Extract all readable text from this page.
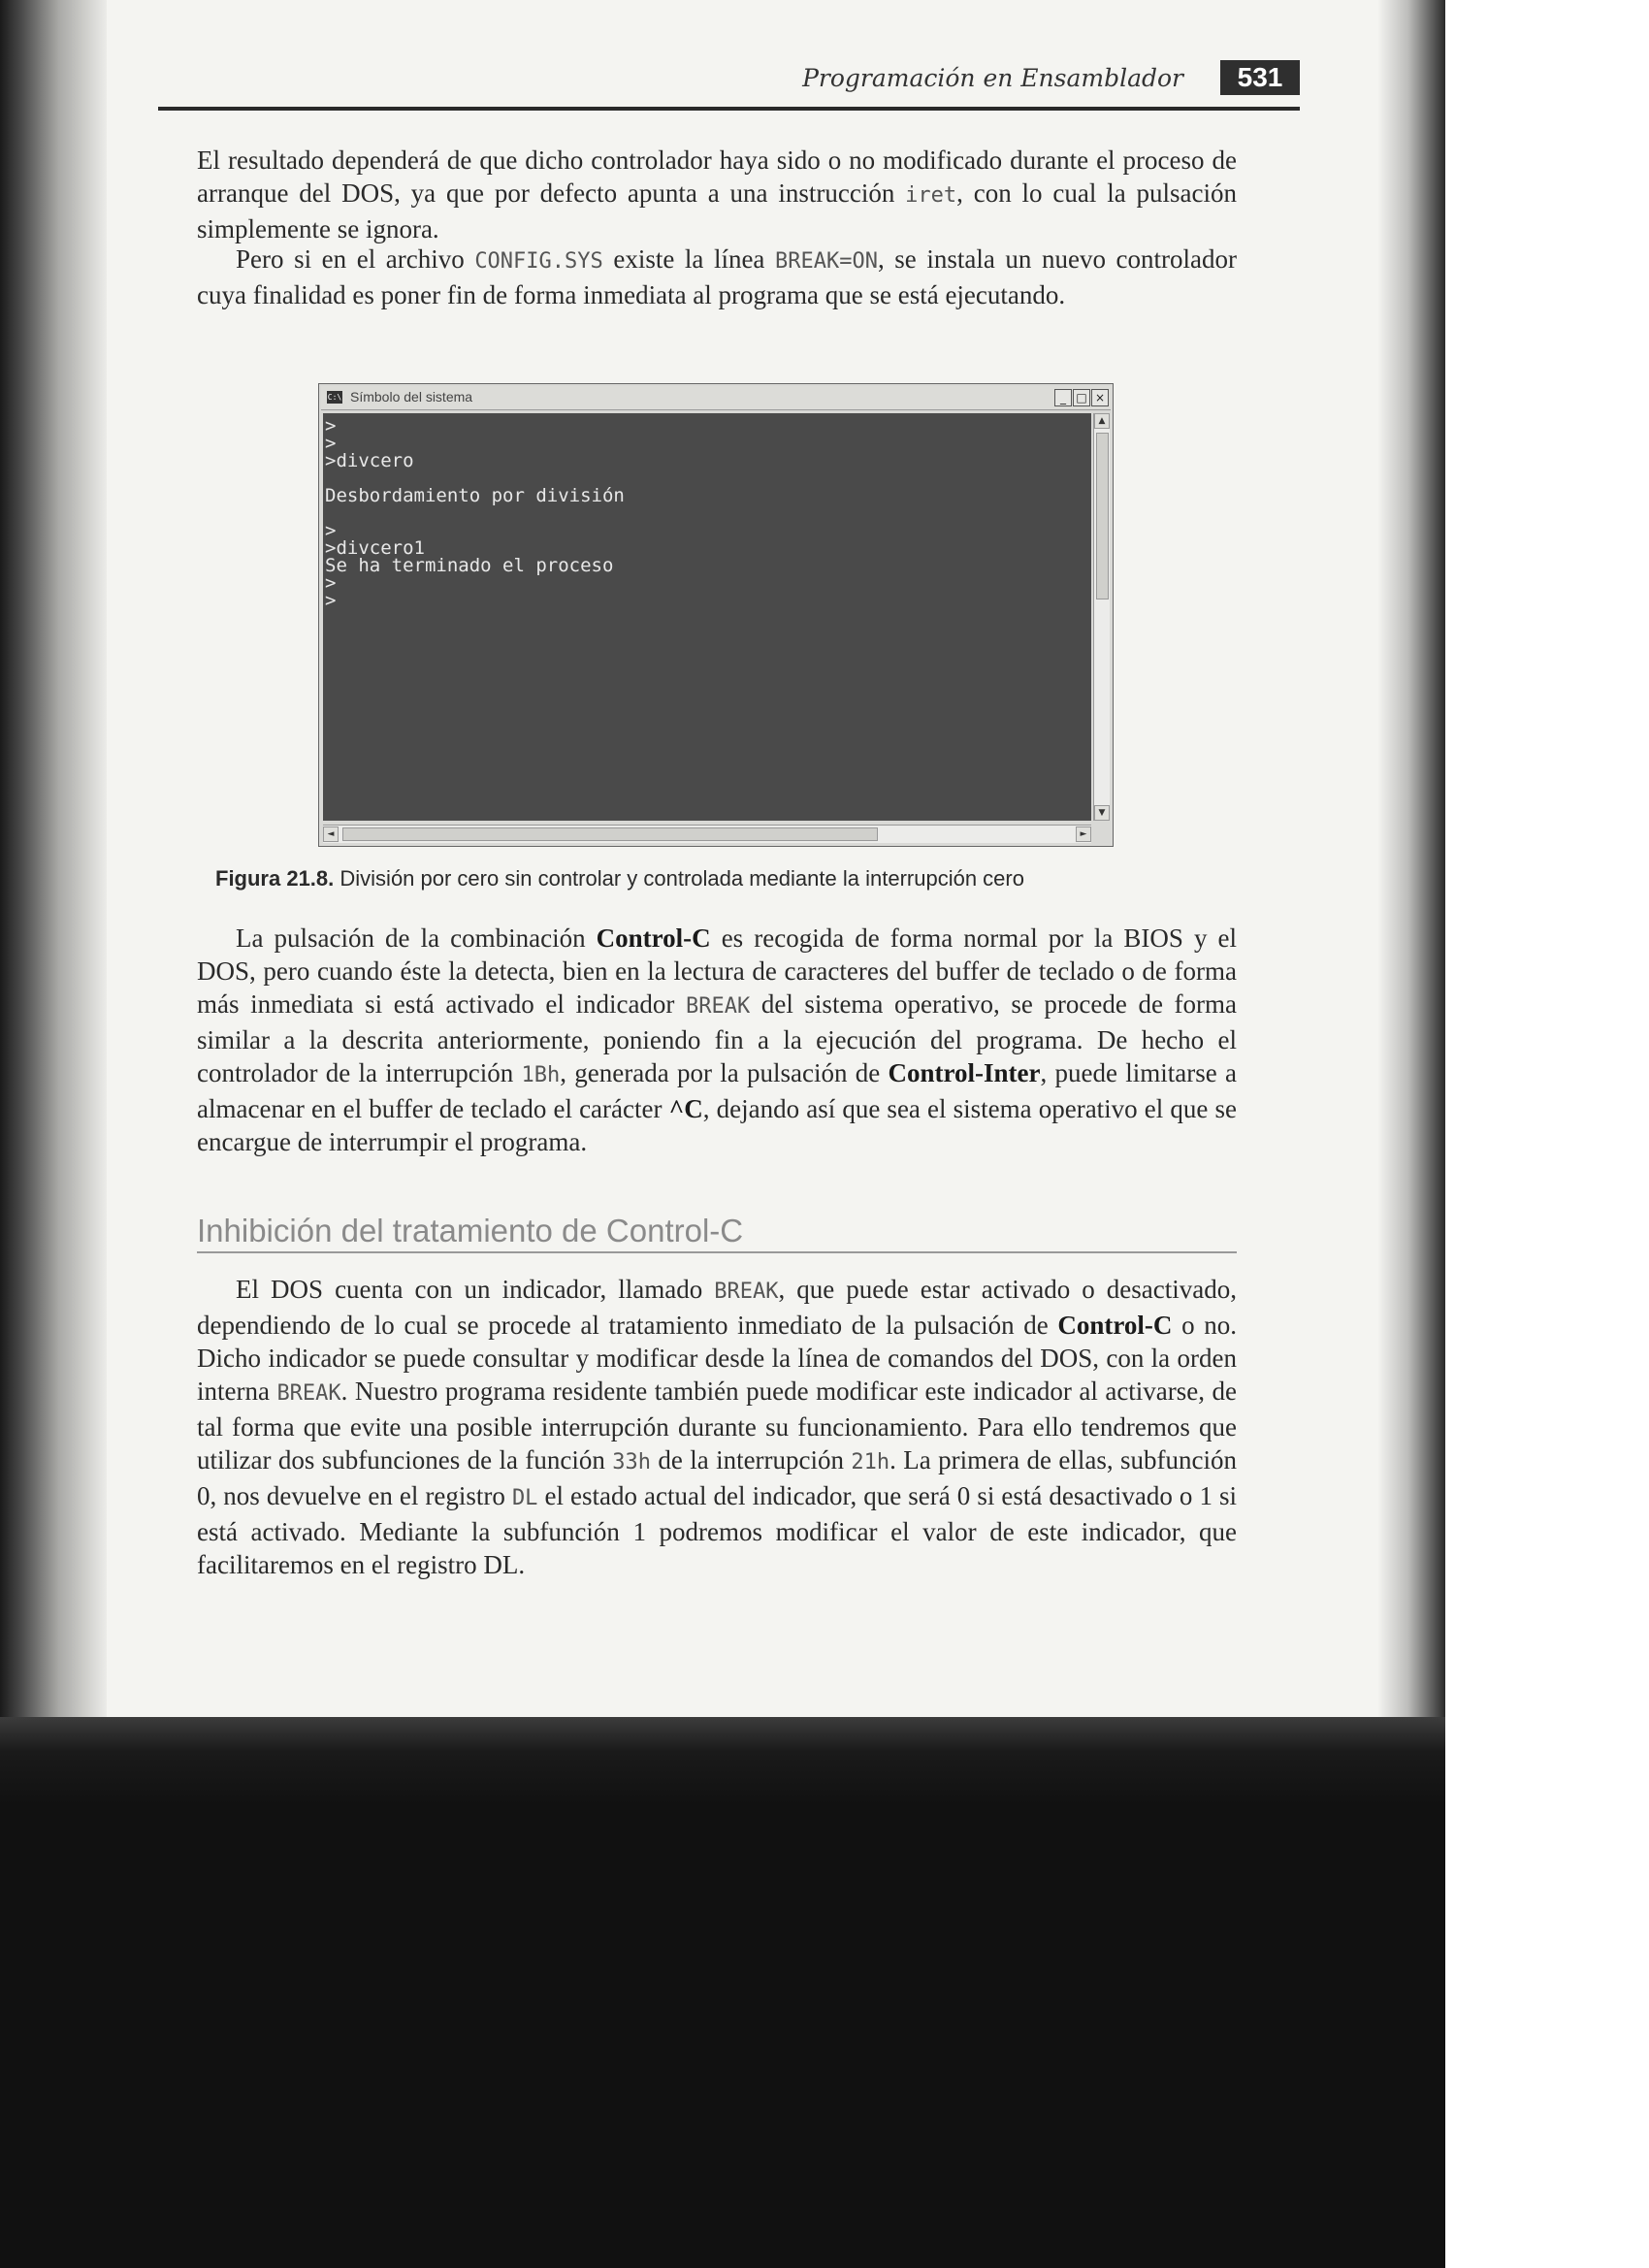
Programación en Ensamblador	531

El resultado dependerá de que dicho controlador haya sido o no modificado durante el proceso de arranque del DOS, ya que por defecto apunta a una instrucción iret, con lo cual la pulsación simplemente se ignora.

Pero si en el archivo CONFIG.SYS existe la línea BREAK=ON, se instala un nuevo controlador cuya finalidad es poner fin de forma inmediata al programa que se está ejecutando.

C:\ Símbolo del sistema	_ □ ×
>
>
>divcero
Desbordamiento por división
>
>divcero1
Se ha terminado el proceso
>
>
▲
▼
◄	►
Figura 21.8. División por cero sin controlar y controlada mediante la interrupción cero

La pulsación de la combinación Control-C es recogida de forma normal por la BIOS y el DOS, pero cuando éste la detecta, bien en la lectura de caracteres del buffer de teclado o de forma más inmediata si está activado el indicador BREAK del sistema operativo, se procede de forma similar a la descrita anteriormente, poniendo fin a la ejecución del programa. De hecho el controlador de la interrupción 1Bh, generada por la pulsación de Control-Inter, puede limitarse a almacenar en el buffer de teclado el carácter ^C, dejando así que sea el sistema operativo el que se encargue de interrumpir el programa.

Inhibición del tratamiento de Control-C

El DOS cuenta con un indicador, llamado BREAK, que puede estar activado o desactivado, dependiendo de lo cual se procede al tratamiento inmediato de la pulsación de Control-C o no. Dicho indicador se puede consultar y modificar desde la línea de comandos del DOS, con la orden interna BREAK. Nuestro programa residente también puede modificar este indicador al activarse, de tal forma que evite una posible interrupción durante su funcionamiento. Para ello tendremos que utilizar dos subfunciones de la función 33h de la interrupción 21h. La primera de ellas, subfunción 0, nos devuelve en el registro DL el estado actual del indicador, que será 0 si está desactivado o 1 si está activado. Mediante la subfunción 1 podremos modificar el valor de este indicador, que facilitaremos en el registro DL.
